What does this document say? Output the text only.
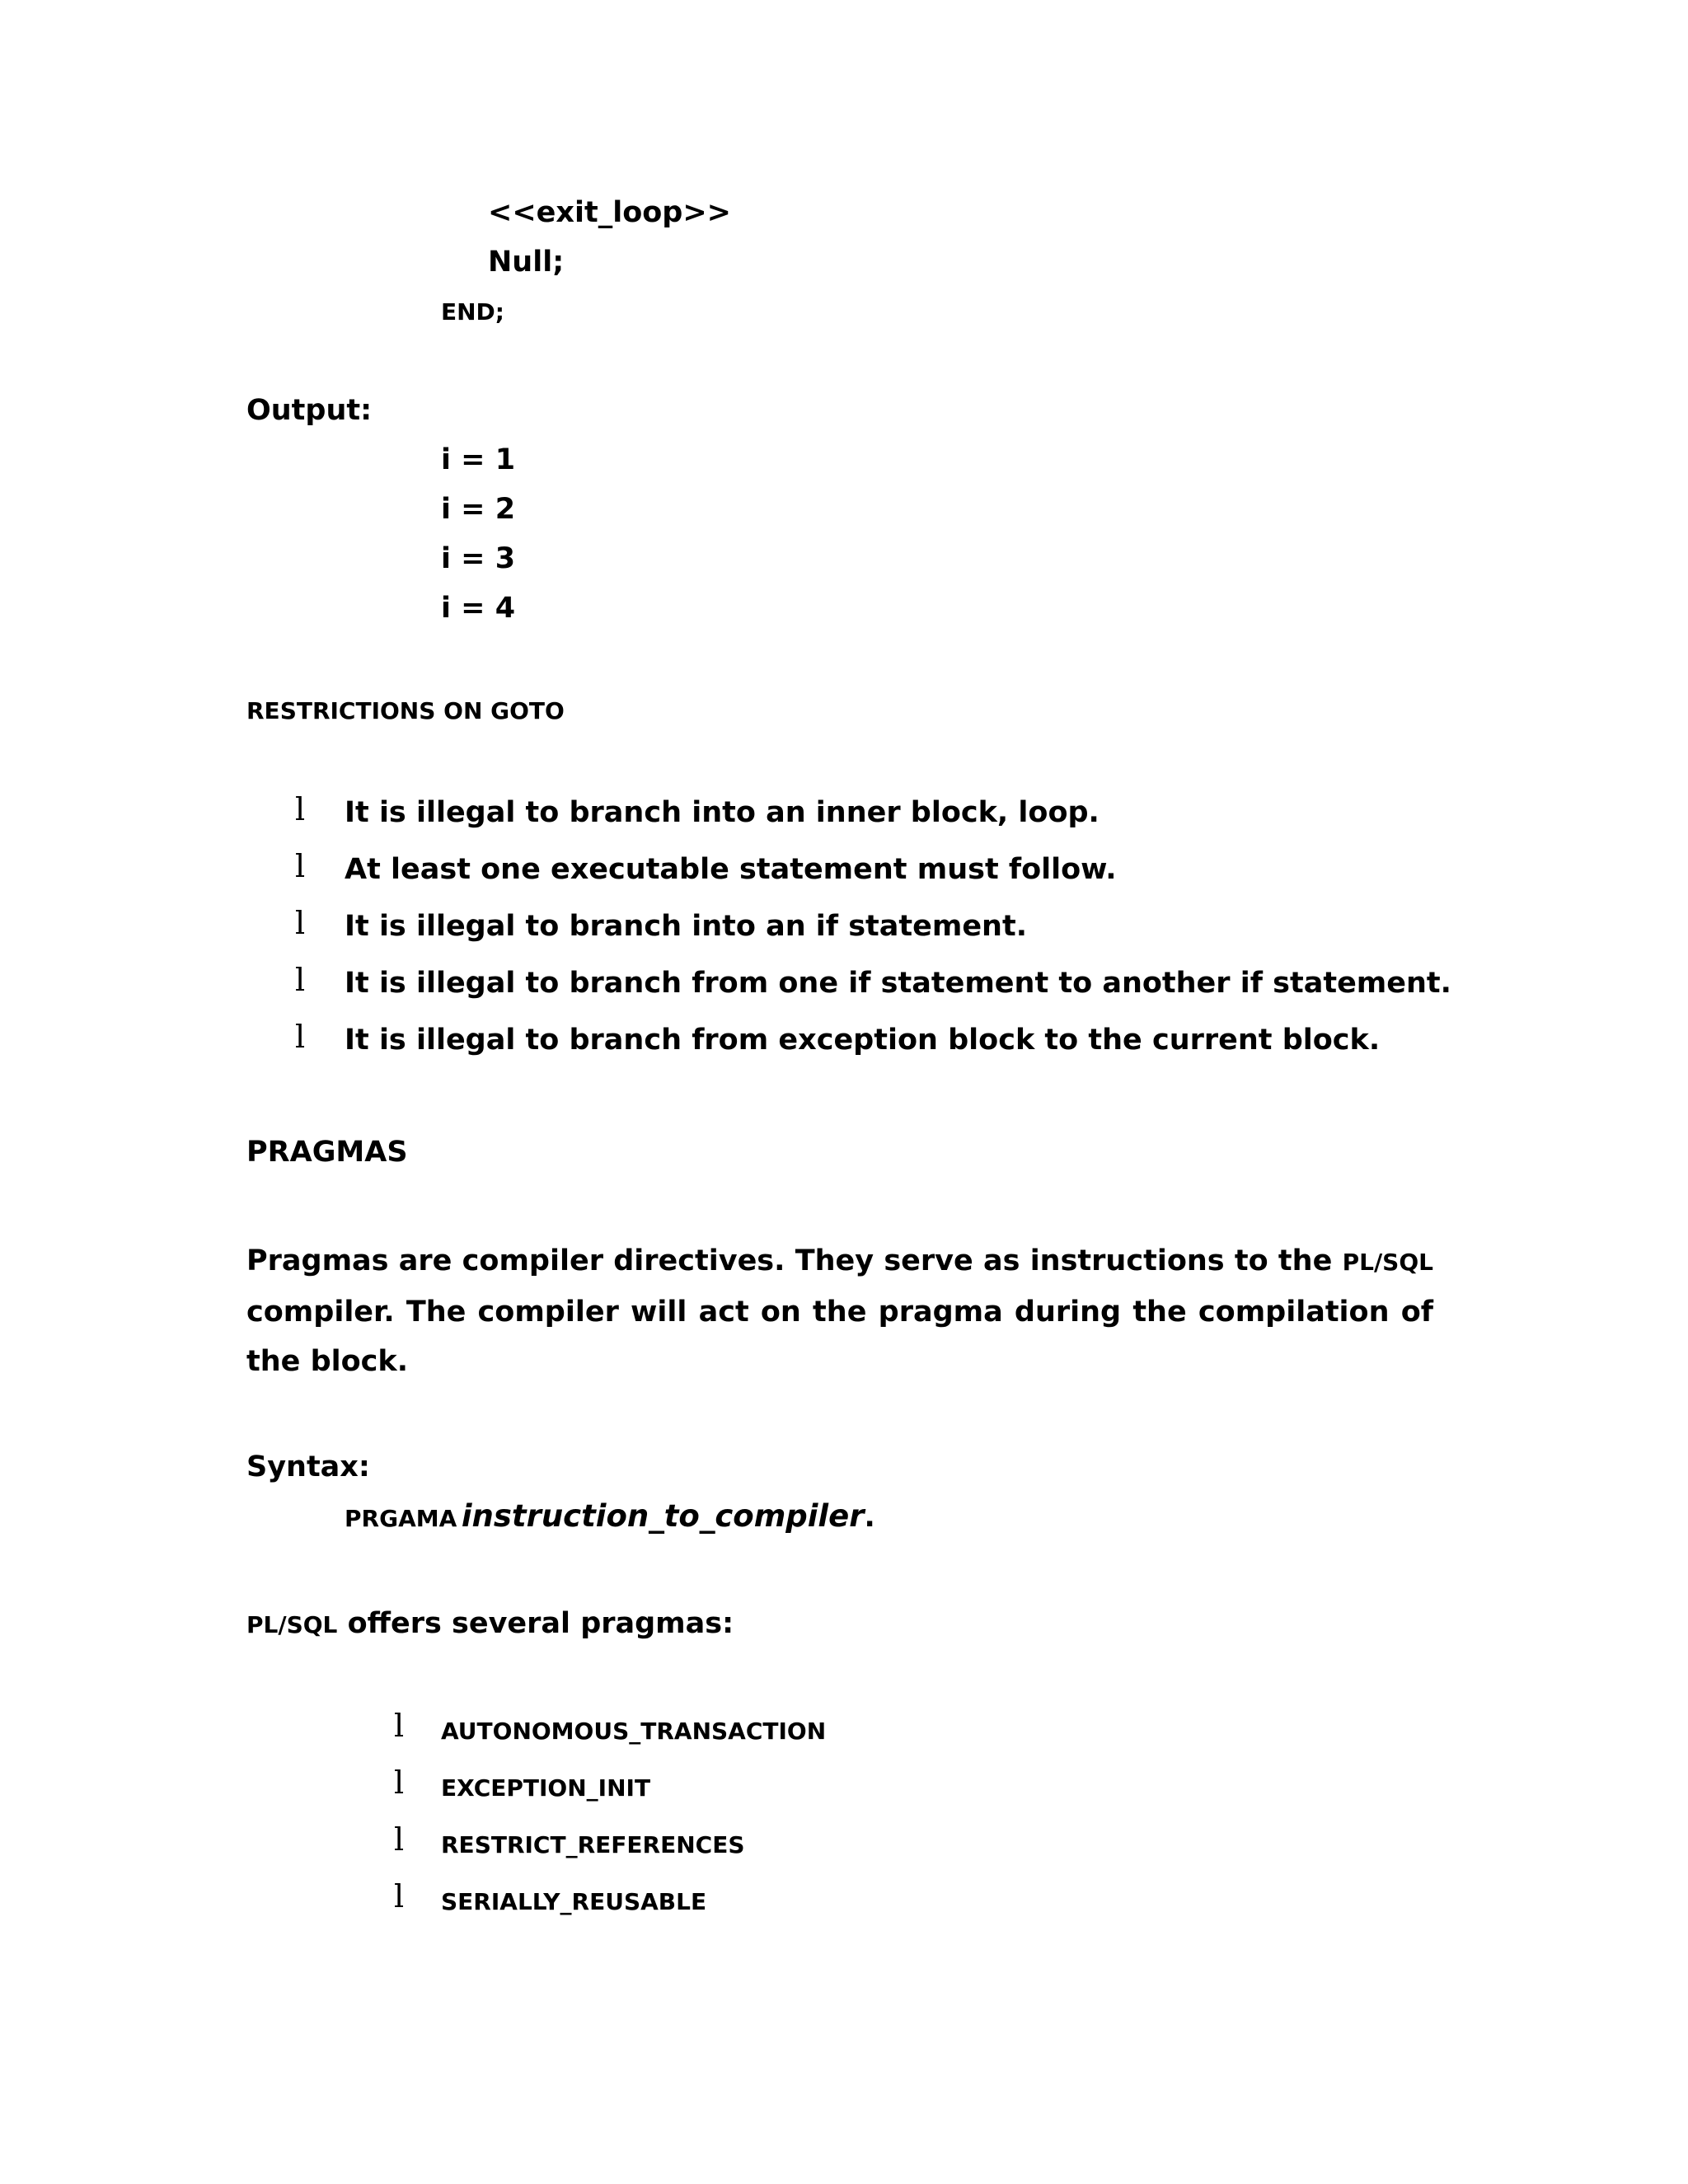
<<exit_loop>>
Null;
END;
Output:
i = 1
i = 2
i = 3
i = 4
RESTRICTIONS ON GOTO
l It is illegal to branch into an inner block, loop.
l At least one executable statement must follow.
l It is illegal to branch into an if statement.
l It is illegal to branch from one if statement to another if statement.
l It is illegal to branch from exception block to the current block.
PRAGMAS

Pragmas are compiler directives. They serve as instructions to the PL/SQL compiler. The compiler will act on the pragma during the compilation of the block.

Syntax:
PRGAMA instruction_to_compiler.
PL/SQL offers several pragmas:
l AUTONOMOUS_TRANSACTION
l EXCEPTION_INIT
l RESTRICT_REFERENCES
l SERIALLY_REUSABLE
